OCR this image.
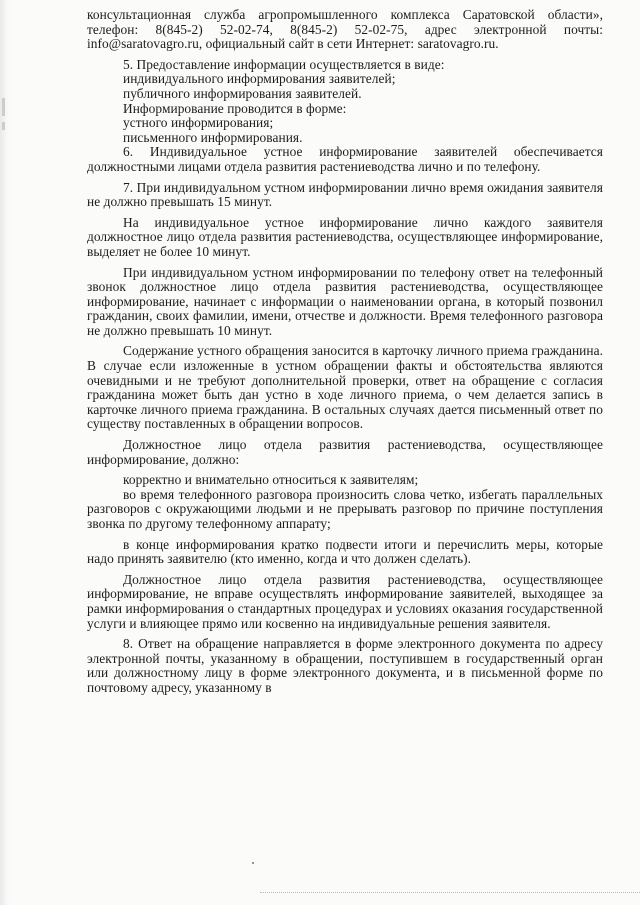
консультационная служба агропромышленного комплекса Саратовской области», телефон: 8(845-2) 52-02-74, 8(845-2) 52-02-75, адрес электронной почты: info@saratovagro.ru, официальный сайт в сети Интернет: saratovagro.ru.

5. Предоставление информации осуществляется в виде:

индивидуального информирования заявителей;

публичного информирования заявителей.

Информирование проводится в форме:

устного информирования;

письменного информирования.

6. Индивидуальное устное информирование заявителей обеспечивается должностными лицами отдела развития растениеводства лично и по телефону.

7. При индивидуальном устном информировании лично время ожидания заявителя не должно превышать 15 минут.

На индивидуальное устное информирование лично каждого заявителя должностное лицо отдела развития растениеводства, осуществляющее информирование, выделяет не более 10 минут.

При индивидуальном устном информировании по телефону ответ на телефонный звонок должностное лицо отдела развития растениеводства, осуществляющее информирование, начинает с информации о наименовании органа, в который позвонил гражданин, своих фамилии, имени, отчестве и должности. Время телефонного разговора не должно превышать 10 минут.

Содержание устного обращения заносится в карточку личного приема гражданина. В случае если изложенные в устном обращении факты и обстоятельства являются очевидными и не требуют дополнительной проверки, ответ на обращение с согласия гражданина может быть дан устно в ходе личного приема, о чем делается запись в карточке личного приема гражданина. В остальных случаях дается письменный ответ по существу поставленных в обращении вопросов.

Должностное лицо отдела развития растениеводства, осуществляющее информирование, должно:

корректно и внимательно относиться к заявителям;

во время телефонного разговора произносить слова четко, избегать параллельных разговоров с окружающими людьми и не прерывать разговор по причине поступления звонка по другому телефонному аппарату;

в конце информирования кратко подвести итоги и перечислить меры, которые надо принять заявителю (кто именно, когда и что должен сделать).

Должностное лицо отдела развития растениеводства, осуществляющее информирование, не вправе осуществлять информирование заявителей, выходящее за рамки информирования о стандартных процедурах и условиях оказания государственной услуги и влияющее прямо или косвенно на индивидуальные решения заявителя.

8. Ответ на обращение направляется в форме электронного документа по адресу электронной почты, указанному в обращении, поступившем в государственный орган или должностному лицу в форме электронного документа, и в письменной форме по почтовому адресу, указанному в
